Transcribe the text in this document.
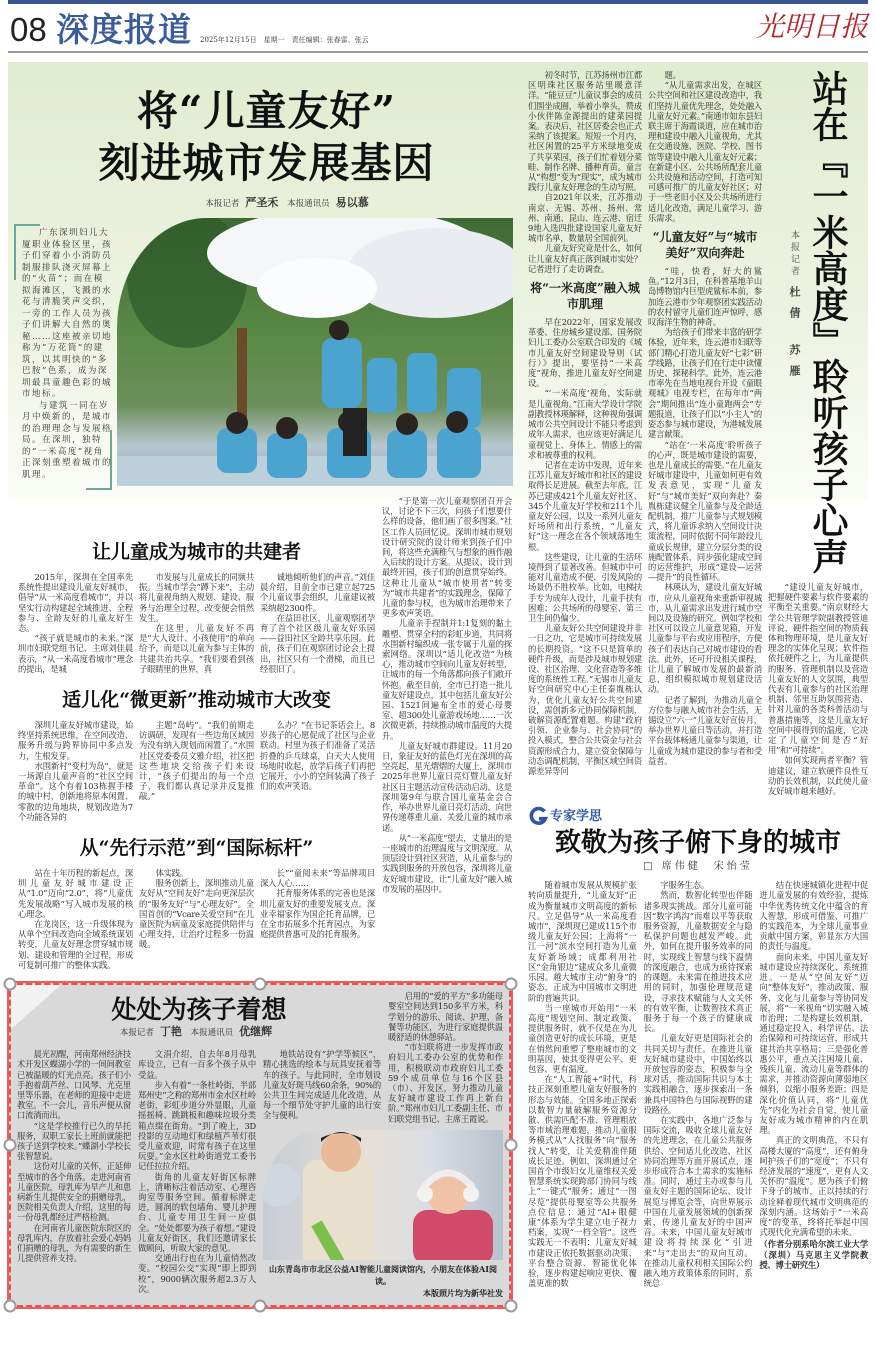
08 深度报道 2025年12月15日　星期一　责任编辑：张春雷、张云	光明日报
将“儿童友好”
刻进城市发展基因
本报记者 严圣禾 本报通讯员 易以慕

广东深圳妇儿大厦职业体验区里，孩子们穿着小小消防员制服排队浇灭屏幕上的“火苗”；而在模拟海滩区，飞溅的水花与清脆笑声交织，一旁的工作人员为孩子们讲解大自然的奥秘……这座被亲切地称为“万花筒”的建筑，以其明快的“多巴胺”色系，成为深圳最具童趣色彩的城市地标。

与建筑一同在岁月中焕新的，是城市的治理理念与发展格局。在深圳，独特的“一米高度”视角正深刻重塑着城市的肌理。

让儿童成为城市的共建者

2015年，深圳在全国率先系统性提出建设儿童友好城市，倡导“从一米高度看城市”，并以坚实行动构建起全域推进、全程参与、全龄友好的儿童友好生态。

“孩子就是城市的未来。”深圳市妇联党组书记、主席刘佳晨表示，“从一米高度看城市”理念的提出，是城

市发展与儿童成长的同频共振。当城市学会“蹲下来”，主动将儿童视角纳入规划、建设、服务与治理全过程，改变便会悄然发生。

在这里，儿童友好不再是“大人设计、小孩使用”的单向给予，而是以儿童为参与主体的共建共治共享。“我们要看到孩子眼睛里的世界，真

诚地倾听他们的声音。”刘佳晨介绍，目前全市已建立起725个儿童议事会组织，儿童建议被采纳超2300件。

在益田社区，儿童观察团孕育了首个社区级儿童友好乐园——益田社区全龄共享乐园。此前，孩子们在观察团讨论会上提出，社区只有一个滑梯，而且已经很旧了。

适儿化“微更新”推动城市大改变

深圳儿童友好城市建设，始终坚持系统思维，在空间改造、服务升级与跨界协同中多点发力，生根发芽。

水围新村“变村为岛”，就是一场源自儿童声音的“社区空间革命”。这个有着103栋握手楼的城中村，创新地将原本闲置、零散的边角地块，规划改造为7个功能各异的

主题“岛屿”。“我们前期走访调研，发现有一些边角区域因为没有纳入规划而闲置了。”水围社区党委委员文雅介绍，社区把这些地块交给孩子们来设计，“孩子们提出的每一个点子，我们都认真记录并反复推敲。”

么办？”在书记茶话会上，8岁孩子的心愿促成了社区与企业联动。村里为孩子们准备了灵活折叠的乒乓球桌，白天大人使用场地时收起，放学后孩子们再把它展开，小小的空间装满了孩子们的欢声笑语。

从“先行示范”到“国际标杆”

站在十年历程的新起点，深圳儿童友好城市建设正从“1.0”迈向“2.0”，将“儿童优先发展战略”写入城市发展的核心理念。

在龙岗区，这一升级体现为从单个空间改造向全域系统谋划转变，儿童友好理念贯穿城市规划、建设和管理的全过程，形成可复制可推广的整体实践。

体实践。

服务创新上，深圳推动儿童友好从“空间友好”走向更深层次的“服务友好”与“心理友好”。全国首创的“Vcare关爱空间”在儿童医院为病童及家庭提供陪伴与心理支持，让治疗过程多一份温暖。

长”“童阅未来”等品牌项目深入人心……

托育服务体系的完善也是深圳儿童友好的重要发展支点。深业幸福家作为国企托育品牌，已在全市拓展多个托育园点，为家庭提供普惠可及的托育服务。

“于是第一次儿童观察团召开会议，讨论不下三次，问孩子们想要什么样的设备，他们画了很多图案。”社区工作人员回忆说。深圳市城市规划设计研究院的设计师来到孩子们中间，将这些充满稚气与想象的画作融入后续的设计方案。从提议、设计到最终开园，孩子们的创意贯穿始终。这种让儿童从“城市使用者”转变为“城市共建者”的实践理念，保障了儿童的参与权，也为城市治理带来了更多欢声笑语。

儿童亲手捏制并1:1复刻的黏土雕塑、贯穿全村的彩虹步道，共同将水围新村编织成一张专属于儿童的探索网络。深圳以“适儿化改造”为核心，推动城市空间向儿童友好转型，让城市的每一个角落都向孩子们敞开怀抱。截至目前，全市已打造一批儿童友好建设点，其中包括儿童友好公园、1521间遍布全市的爱心母婴室、超300处儿童游戏场地……一次次微更新，持续推动城市温度的大提升。

儿童友好城市群建设。11月20日，象征友好的蓝色灯光在深圳的高空亮起，星光熠熠的大厦上，深圳市2025年世界儿童日亮灯暨儿童友好社区日主题活动宣传活动启动。这是深圳第9年与联合国儿童基金会合作，举办世界儿童日亮灯活动，向世界传递尊重儿童、关爱儿童的城市承诺。

从“一米高度”望去，丈量出的是一座城市的治理温度与文明深度。从顶层设计到社区营造，从儿童参与的实践到服务的开放包容，深圳将儿童友好城市建设，让“儿童友好”融入城市发展的基因中。

处处为孩子着想
本报记者 丁艳 本报通讯员 优继辉

晨光初醒，河南郑州经济技术开发区蝶湖小学的一间间教室已被温暖的灯光点亮。孩子们小手抱着葫芦丝、口风琴、尤克里里等乐器，在老师的迎接中走进教室。不一会儿，音乐声便从窗口流淌而出。

“这是学校推行已久的早托服务，双职工家长上班前就能把孩子送到学校来。”蝶湖小学校长张智慧说。

这份对儿童的关怀，正延伸至城市的各个角落。走进河南省儿童医院，母乳库为早产儿和患病新生儿提供安全的捐赠母乳，医院相关负责人介绍，这里的每一份母乳都经过严格检测。

在河南省儿童医院东院区的母乳库内，存放着社会爱心妈妈们捐赠的母乳，为有需要的新生儿提供营养支持。

文涓介绍，自去年8月母乳库设立，已有一百多个孩子从中受益。

步入有着“一条杜岭街，半部郑州史”之称的郑州市金水区杜岭老街，彩虹步道分外显眼，儿童摇摇椅、跳跳板和趣味垃圾分类箱点缀在街角。“到了晚上，3D投影的互动地灯和绿植芦苇灯很受儿童欢迎，时常有孩子在这里玩耍。”金水区杜岭街道党工委书记任拉拉介绍。

街角的儿童友好街区标牌上，清晰标注着活动室、心理咨询室等服务空间。循着标牌走进，圆润的软包墙角、婴儿护理台、儿童专用卫生间一应俱全。“处处都要为孩子着想。”建设儿童友好街区，我们还邀请家长做顾问，听取大家的意见。

交通出行也在为儿童悄然改变。“校园公交”实现“即上即到校”，9000辆次服务超2.3万人次。

地铁站设有“护学等候区”，精心挑选的绘本与玩具安抚着等车的孩子。与此同时，全市划设儿童友好斑马线60余条，90%的公共卫生间完成适儿化改造，从每一个细节处守护儿童的出行安全与便利。

启用的“爱的平方”多功能母婴室空间达到150多平方米，科学划分的游乐、阅读、护理、备餐等功能区，为进行家庭提供温暖舒适的休憩驿站。

“市妇联将进一步发挥市政府妇儿工委办公室的优势和作用，积极联动市政府妇儿工委59个成员单位与16个区县（市）、开发区，努力推动儿童友好城市建设工作再上新台阶。”郑州市妇儿工委副主任、市妇联党组书记、主席王霞说。

山东青岛市市北区公益AI智能儿童阅读馆内，小朋友在体验AI阅读。
本版照片均为新华社发

初冬时节，江苏扬州市江都区明珠社区服务站里暖意洋洋。“能豆豆”儿童议事会的成员们围坐成圈，举着小拳头，赞成小伙伴陈金源提出的建菜园提案。表决后，社区居委会也正式采纳了该提案。短短一个月内，社区闲置的25平方米绿地变成了共享菜园，孩子们忙着划分菜畦、制作名牌、播种育苗。童言从“构想”变为“现实”，成为城市践行儿童友好理念的生动写照。

自2021年以来，江苏推动南京、无锡、苏州、扬州、常州、南通、昆山、连云港、宿迁9地入选四批建设国家儿童友好城市名单，数量居全国前列。

儿童友好究竟是什么，如何让儿童友好真正落到城市实处？记者进行了走访调查。

将“一米高度”融入城市肌理

早在2022年，国家发展改革委、住房城乡建设部、国务院妇儿工委办公室联合印发的《城市儿童友好空间建设导则（试行）》提出，要坚持“一米高度”视角，推进儿童友好空间建设。

“‘一米高度’视角，实际就是儿童视角。”江南大学设计学院副教授林瑛解释，这种视角强调城市公共空间设计不能只考虑到成年人需求，也应该更好满足儿童视觉上、身体上、情感上的需求和被尊重的权利。

记者在走访中发现，近年来江苏儿童友好城市和社区的建设取得长足进展。截至去年底，江苏已建成421个儿童友好社区、345个儿童友好学校和211个儿童友好公园，以及一系列儿童友好场所和出行系统，“儿童友好”这一理念在各个领域落地生根。

这些建设，让儿童的生活环境得到了显著改善。但城市中可能对儿童造成不便、引发风险的场景仍不胜枚举。比如，电梯扶手专为成年人设计，儿童手扶有困难；公共场所的母婴室、第三卫生间仍偏少。

儿童友好公共空间建设并非一日之功，它是城市可持续发展的长期投资。“这不只是简单的硬件升级，而是涉及城市规划建设、社区治理、文化营造等多维度的系统性工程。”无锡市儿童友好空间研究中心主任秦胤栋认为，优化儿童友好公共空间建设，需创新多元协同保障机制，破解资源配置难题。构建“政府引领、企业参与、社会协同”的投入模式，整合公共资金与社会资源形成合力，建立资金保障与动态调配机制，平衡区域空间资源差异等问

题。

“从儿童需求出发，在城区公共空间和社区建设改造中，我们坚持儿童优先理念，处处融入儿童友好元素。”南通市如东县妇联主席于海霞谈道，应在城市治理和建设中融入儿童视角，尤其在交通设施、医院、学校、图书馆等建设中融入儿童友好元素；在新建小区、公共场所配套儿童公共设施和活动空间，打造可知可感可推广的儿童友好社区；对于一些老旧小区及公共场所进行适儿化改造，满足儿童学习、游乐需求。

“儿童友好”与“城市美好”双向奔赴

“哇，快看，好大的鲨鱼。”12月3日，在科普基地羊山岛博物馆内巨型虎鲨标本前，参加连云港市少年观察团实践活动的农村留守儿童们连声惊呼，感叹海洋生物的神奇。

为给孩子们带来丰富的研学体验，近年来，连云港市妇联等部门精心打造儿童友好“七彩”研学线路，让孩子们在行走中读懂历史、探秘科学。此外，连云港市率先在当地电视台开设《童眼观城》电视专栏，在每年市“两会”期间推出“连小童跑两会”专题报道，让孩子们以“小主人”的姿态参与城市建设，为港城发展建言献策。

“站在‘一米高度’聆听孩子的心声，既是城市建设的需要，也是儿童成长的需要。”在儿童友好城市建设中，儿童如何更有效发表意见，实现“儿童友好”与“城市美好”双向奔赴？秦胤栋建议健全儿童参与及全龄适配机制，推广儿童参与式规划模式，将儿童诉求纳入空间设计决策流程，同时依据不同年龄段儿童成长规律，建立分层分类的设施配置体系，同步强化建成空间的运营维护，形成“建设—运营—提升”的良性循环。

林瑛认为，建设儿童友好城市，应从儿童视角来重新审视城市，从儿童需求出发进行城市空间以及设施的研究。例如学校和社区可以设立儿童意见箱，开发儿童参与平台或应用程序，方便孩子们表达自己对城市建设的看法。此外，还可开设相关课程，让儿童了解城市发展的最新消息，组织模拟城市规划建设活动。

记者了解到，为推动儿童全方位参与融入城市社会生活，无锡设立“六一”儿童友好宣传月，举办世界儿童日等活动，并打造平台载体畅通儿童参与渠道，让儿童成为城市建设的参与者和受益者。

本报记者杜倩苏雁 站在『一米高度』聆听孩子心声

“建设儿童友好城市，把握硬件要素与软件要素的平衡至关重要。”南京财经大学公共管理学院副教授管迪评说，硬件指空间的物质载体和物理环境，是儿童友好理念的实体化呈现；软件指依托硬件之上，为儿童提供的服务、管理机制以及营造儿童友好的人文氛围，典型代表有儿童参与的社区治理机制、邻里互助氛围营造、针对儿童的各类科普活动与普惠措施等，这是儿童友好空间中摸得到的温度，它决定了儿童空间是否“好用”和“可持续”。

如何实现两者平衡？管迪建议，建立软硬件良性互动的长效机制，以此使儿童友好城市越来越好。

专家学思
致敬为孩子俯下身的城市
□ 席伟健　宋怡莹

随着城市发展从规模扩张转向质量提升，“儿童友好”正成为衡量城市文明高度的新标尺。立足倡导“从一米高度看城市”，深圳现已建成115个市级儿童友好公园；上海将“一江一河”滨水空间打造为儿童友好新场域；成都利用社区“金角银边”建成众多儿童微乐园。越大城市主动“俯身”的姿态，正成为中国城市文明进阶的普遍共识。

当一座城市开始用“一米高度”规划空间、制定政策、提供服务时，就不仅是在为儿童创造更好的成长环境，更是在悄然间重塑了整座城市的文明基因，使其变得更公平、更包容、更有温度。

在“人工智能+”时代，科技正深刻重塑儿童友好服务的形态与效能。全国多地正探索以数智力量破解服务资源分散、供需匹配不准、管理粗放等市域治理难题，推动儿童服务模式从“人找服务”向“服务找人”转变，让关爱精准伴随成长足迹。例如，深圳通过全国首个市级妇女儿童维权关爱智慧系统实现跨部门协同与线上“一键式”服务；通过“一图尽览”提供母婴室等公共服务点位信息；通过“AI+眼健康”体系为学生建立电子视力档案，实现“一档全管”。这些实践无一不表明：儿童友好城市建设正依托数据驱动决策、平台整合资源、智能优化体验，逐步构建起响应更快、覆盖更准的数

字服务生态。

然而，数智化转型也伴随诸多现实挑战。部分儿童可能因“数字鸿沟”而难以平等获取服务资源，儿童数据安全与隐私保护问题也越发严峻。此外，如何在提升服务效率的同时，实现线上智慧与线下温情的深度融合，也成为亟待探索的课题。未来需在推进技术应用的同时，加强伦理规范建设，寻求技术赋能与人文关怀的有效平衡，让数智技术真正服务于每一个孩子的健康成长。

儿童友好更是国际社会的共同关切与责任。在推进儿童友好城市建设中，中国始终以开放包容的姿态，积极参与全球对话，推动国际共识与本土实践相融合，逐步探索出一条兼具中国特色与国际视野的建设路径。

在实践中，各地广泛参与国际交流，吸收全球儿童友好的先进理念，在儿童公共服务供给、空间适儿化改造、社区协同治理等方面开展试点，逐步形成符合本土需求的实施标准。同时，通过主办或参与儿童友好主题的国际论坛、设计展览与博览会等，向世界展示中国在儿童发展领域的创新探索，传递儿童友好的中国声音。未来，中国儿童友好城市建设将持续深化“引进来”与“走出去”的双向互动。在推动儿童权利相关国际公约融入地方政策体系的同时，系统总

结在快速城镇化进程中促进儿童发展的有效经验，提炼中华优秀传统文化中蕴含的育人智慧，形成可借鉴、可推广的实践范本，为全球儿童事业贡献中国方案，彰显东方大国的责任与温度。

面向未来，中国儿童友好城市建设应持续深化、系统推进。一是从“空间友好”迈向“整体友好”，推动政策、服务、文化与儿童参与等协同发展，将“一米视角”切实融入城市治理；二是构建长效机制，通过稳定投入、科学评估、法治保障和可持续运营，形成共建共治共享格局；三是强化普惠公平，重点关注困境儿童、残疾儿童、流动儿童等群体的需求，并推动资源向薄弱地区倾斜，以缩小服务差距；四是深化价值认同，将“儿童优先”内化为社会自觉，使儿童友好成为城市精神的内在肌理。

真正的文明典范，不只有高楼大厦的“高度”，还有俯身呵护孩子们的“宽度”；不只有经济发展的“速度”，更有人文关怀的“温度”。愿为孩子们俯下身子的城市，正以持续的行动诠释着现代城市文明典范的深刻内涵。这场始于“一米高度”的变革，终将托举起中国式现代化充满希望的未来。

（作者分别系哈尔滨工业大学（深圳）马克思主义学院教授、博士研究生）
